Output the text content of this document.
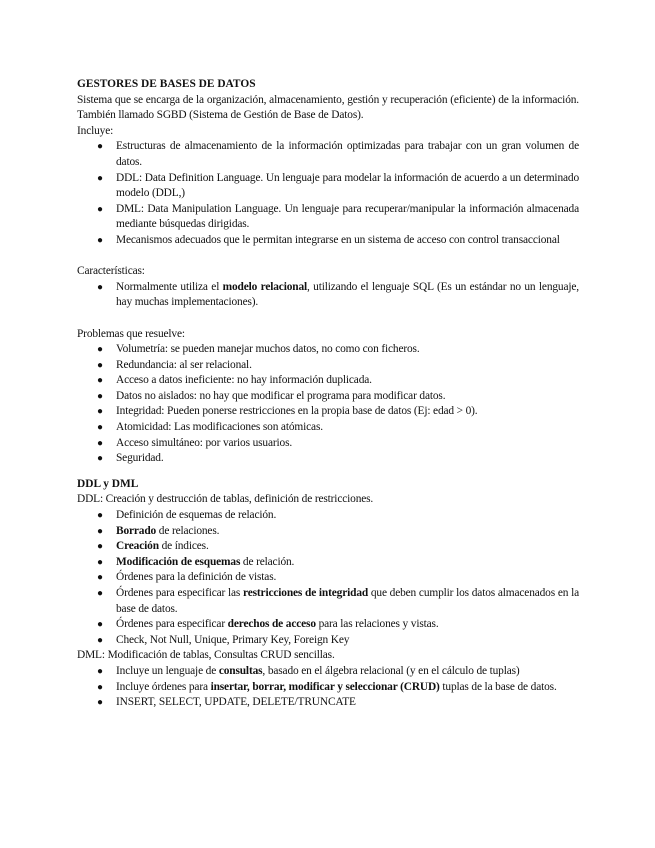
GESTORES DE BASES DE DATOS

Sistema que se encarga de la organización, almacenamiento, gestión y recuperación (eficiente) de la información. También llamado SGBD (Sistema de Gestión de Base de Datos).

Incluye:

● Estructuras de almacenamiento de la información optimizadas para trabajar con un gran volumen de datos.
● DDL: Data Definition Language. Un lenguaje para modelar la información de acuerdo a un determinado modelo (DDL,)
● DML: Data Manipulation Language. Un lenguaje para recuperar/manipular la información almacenada mediante búsquedas dirigidas.
● Mecanismos adecuados que le permitan integrarse en un sistema de acceso con control transaccional

Características:

● Normalmente utiliza el modelo relacional, utilizando el lenguaje SQL (Es un estándar no un lenguaje, hay muchas implementaciones).

Problemas que resuelve:

● Volumetría: se pueden manejar muchos datos, no como con ficheros.
● Redundancia: al ser relacional.
● Acceso a datos ineficiente: no hay información duplicada.
● Datos no aislados: no hay que modificar el programa para modificar datos.
● Integridad: Pueden ponerse restricciones en la propia base de datos (Ej: edad > 0).
● Atomicidad: Las modificaciones son atómicas.
● Acceso simultáneo: por varios usuarios.
● Seguridad.

DDL y DML

DDL: Creación y destrucción de tablas, definición de restricciones.

● Definición de esquemas de relación.
● Borrado de relaciones.
● Creación de índices.
● Modificación de esquemas de relación.
● Órdenes para la definición de vistas.
● Órdenes para especificar las restricciones de integridad que deben cumplir los datos almacenados en la base de datos.
● Órdenes para especificar derechos de acceso para las relaciones y vistas.
● Check, Not Null, Unique, Primary Key, Foreign Key

DML: Modificación de tablas, Consultas CRUD sencillas.

● Incluye un lenguaje de consultas, basado en el álgebra relacional (y en el cálculo de tuplas)
● Incluye órdenes para insertar, borrar, modificar y seleccionar (CRUD) tuplas de la base de datos.
● INSERT, SELECT, UPDATE, DELETE/TRUNCATE
